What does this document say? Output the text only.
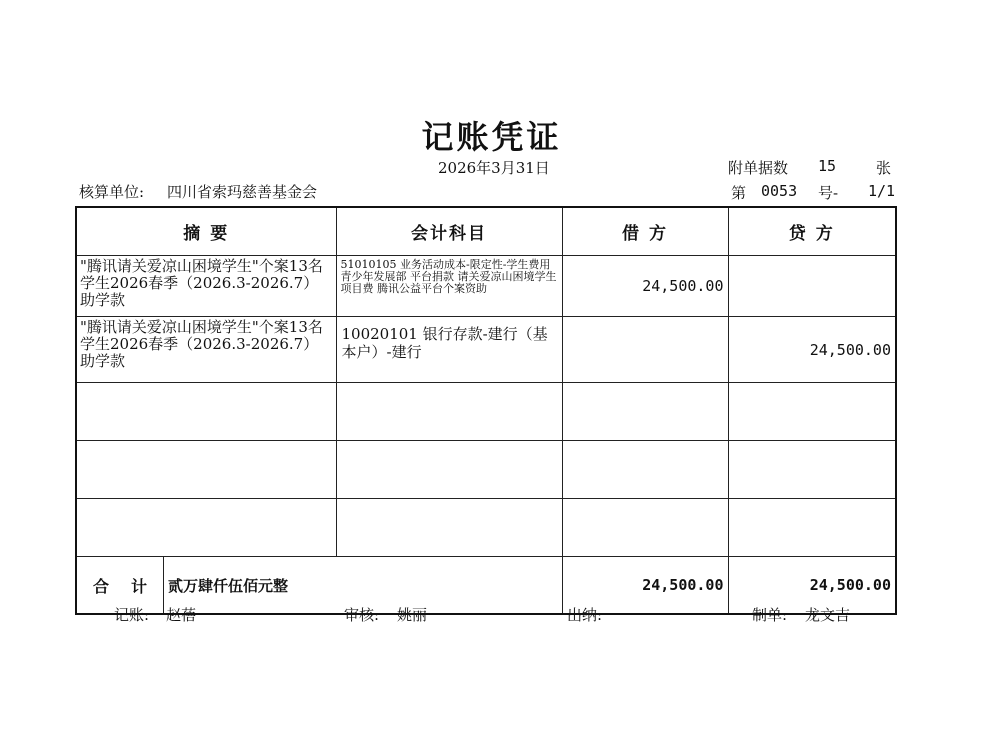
记账凭证
2026年3月31日	附单据数 15	张
核算单位: 四川省索玛慈善基金会	第 0053 号- 1/1
摘 要	会计科目	借 方	贷 方
"腾讯请关爱凉山困境学生"个案13名学生2026春季（2026.3-2026.7）助学款	51010105 业务活动成本-限定性-学生费用 青少年发展部 平台捐款 请关爱凉山困境学生 项目费 腾讯公益平台个案资助	24,500.00	
"腾讯请关爱凉山困境学生"个案13名学生2026春季（2026.3-2026.7）助学款	10020101 银行存款-建行（基本户）-建行		24,500.00

合 计 贰万肆仟伍佰元整		24,500.00	24,500.00
记账: 赵蓓	审核: 姚丽	出纳:	制单: 龙文吉
